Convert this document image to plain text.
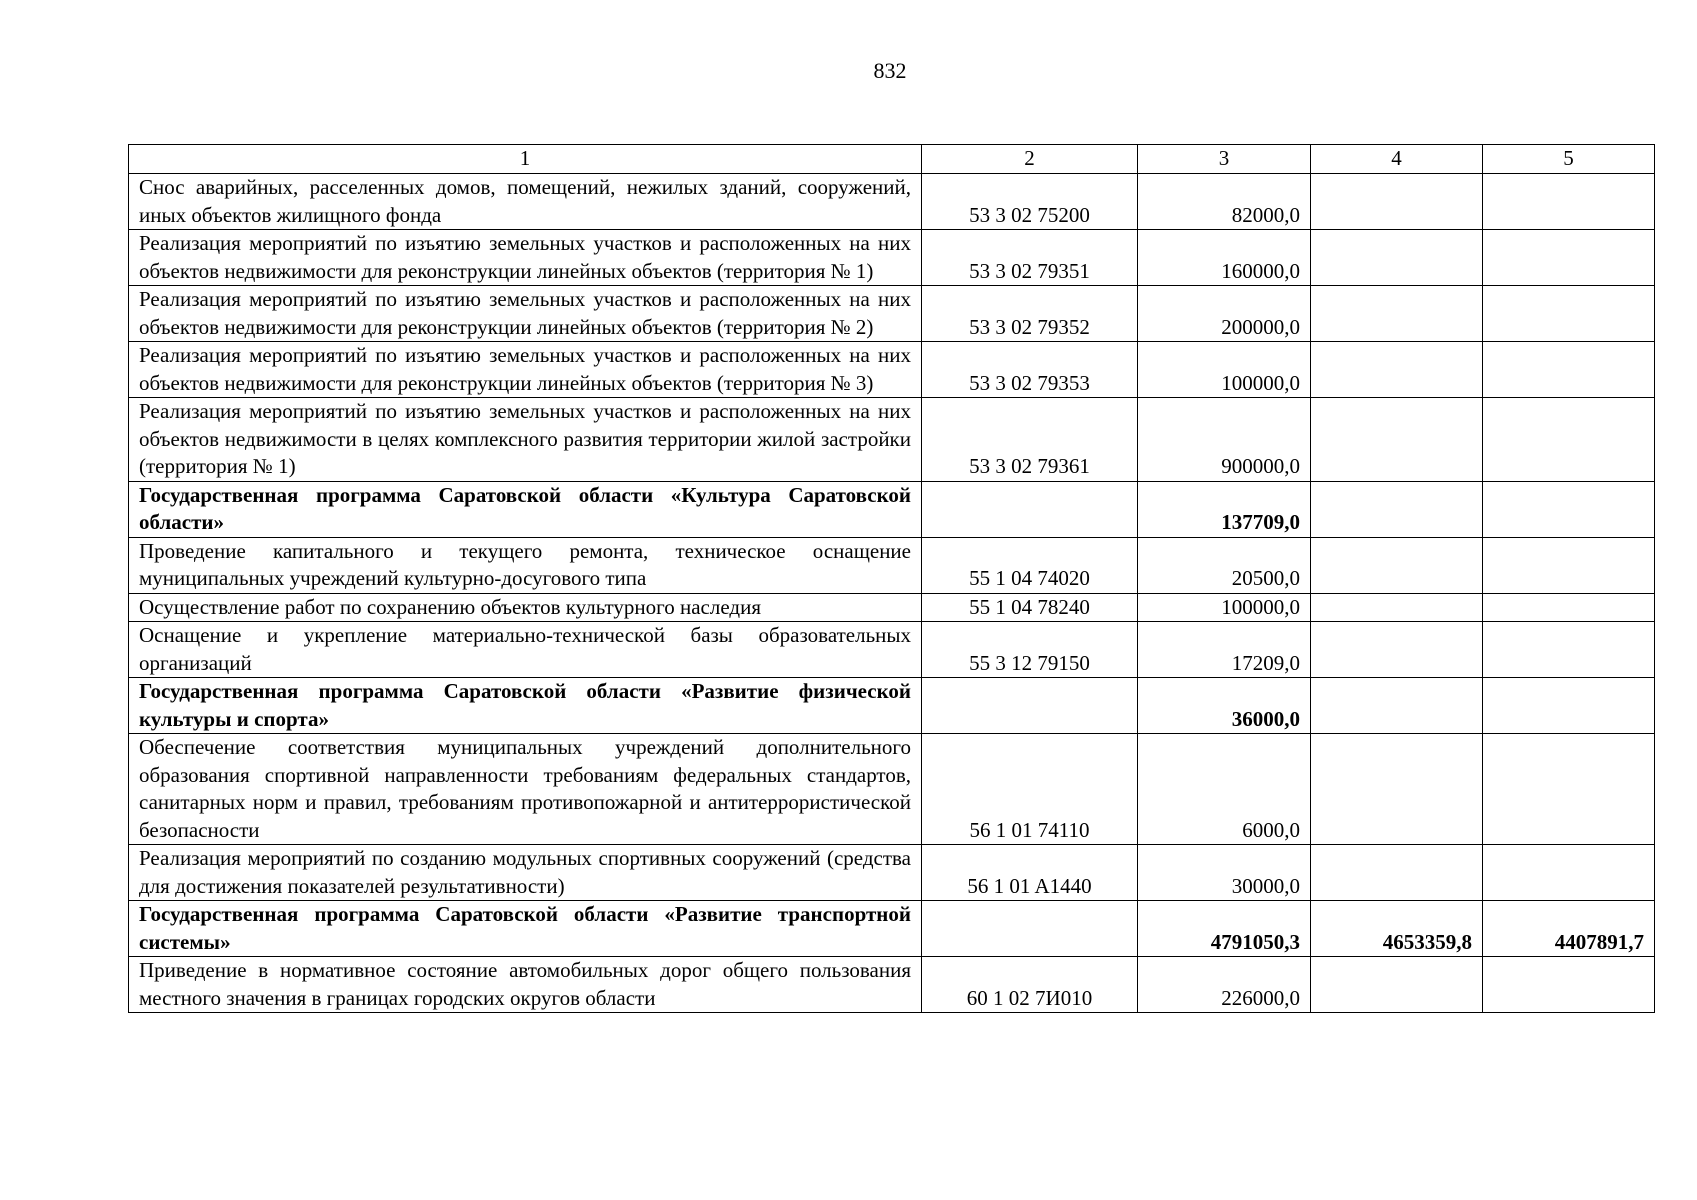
832
1	2	3	4	5
Снос аварийных, расселенных домов, помещений, нежилых зданий, сооружений, иных объектов жилищного фонда	53 3 02 75200	82000,0		
Реализация мероприятий по изъятию земельных участков и расположенных на них объектов недвижимости для реконструкции линейных объектов (территория № 1)	53 3 02 79351	160000,0		
Реализация мероприятий по изъятию земельных участков и расположенных на них объектов недвижимости для реконструкции линейных объектов (территория № 2)	53 3 02 79352	200000,0		
Реализация мероприятий по изъятию земельных участков и расположенных на них объектов недвижимости для реконструкции линейных объектов (территория № 3)	53 3 02 79353	100000,0		
Реализация мероприятий по изъятию земельных участков и расположенных на них объектов недвижимости в целях комплексного развития территории жилой застройки (территория № 1)	53 3 02 79361	900000,0		
Государственная программа Саратовской области «Культура Саратовской области»		137709,0		
Проведение капитального и текущего ремонта, техническое оснащение муниципальных учреждений культурно-досугового типа	55 1 04 74020	20500,0		
Осуществление работ по сохранению объектов культурного наследия	55 1 04 78240	100000,0		
Оснащение и укрепление материально-технической базы образовательных организаций	55 3 12 79150	17209,0		
Государственная программа Саратовской области «Развитие физической культуры и спорта»		36000,0		
Обеспечение соответствия муниципальных учреждений дополнительного образования спортивной направленности требованиям федеральных стандартов, санитарных норм и правил, требованиям противопожарной и антитеррористической безопасности	56 1 01 74110	6000,0		
Реализация мероприятий по созданию модульных спортивных сооружений (средства для достижения показателей результативности)	56 1 01 A1440	30000,0		
Государственная программа Саратовской области «Развитие транспортной системы»		4791050,3	4653359,8	4407891,7
Приведение в нормативное состояние автомобильных дорог общего пользования местного значения в границах городских округов области	60 1 02 7И010	226000,0		
